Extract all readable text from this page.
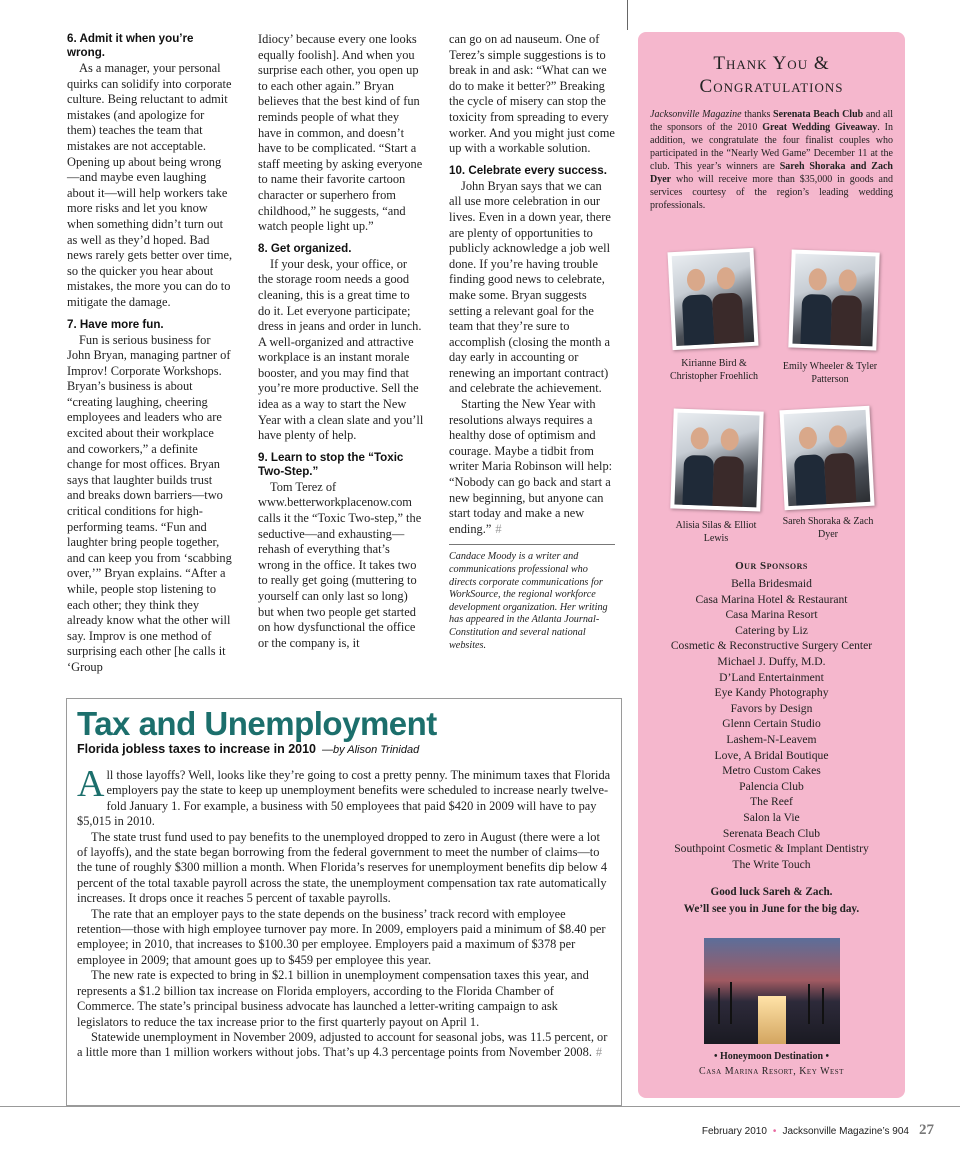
6. Admit it when you’re wrong.

As a manager, your personal quirks can solidify into corporate culture. Being reluctant to admit mistakes (and apologize for them) teaches the team that mistakes are not acceptable. Opening up about being wrong—and maybe even laughing about it—will help workers take more risks and let you know when something didn’t turn out as well as they’d hoped. Bad news rarely gets better over time, so the quicker you hear about mistakes, the more you can do to mitigate the damage.

7. Have more fun.

Fun is serious business for John Bryan, managing partner of Improv! Corporate Workshops. Bryan’s business is about “creating laughing, cheering employees and leaders who are excited about their workplace and coworkers,” a definite change for most offices. Bryan says that laughter builds trust and breaks down barriers—two critical conditions for high-performing teams. “Fun and laughter bring people together, and can keep you from ‘scabbing over,’” Bryan explains. “After a while, people stop listening to each other; they think they already know what the other will say. Improv is one method of surprising each other [he calls it ‘Group

Idiocy’ because every one looks equally foolish]. And when you surprise each other, you open up to each other again.” Bryan believes that the best kind of fun reminds people of what they have in common, and doesn’t have to be complicated. “Start a staff meeting by asking everyone to name their favorite cartoon character or superhero from childhood,” he suggests, “and watch people light up.”

8. Get organized.

If your desk, your office, or the storage room needs a good cleaning, this is a great time to do it. Let everyone participate; dress in jeans and order in lunch. A well-organized and attractive workplace is an instant morale booster, and you may find that you’re more productive. Sell the idea as a way to start the New Year with a clean slate and you’ll have plenty of help.

9. Learn to stop the “Toxic Two-Step.”

Tom Terez of www.betterworkplacenow.com calls it the “Toxic Two-step,” the seductive—and exhausting—rehash of everything that’s wrong in the office. It takes two to really get going (muttering to yourself can only last so long) but when two people get started on how dysfunctional the office or the company is, it

can go on ad nauseum. One of Terez’s simple suggestions is to break in and ask: “What can we do to make it better?” Breaking the cycle of misery can stop the toxicity from spreading to every worker. And you might just come up with a workable solution.

10. Celebrate every success.

John Bryan says that we can all use more celebration in our lives. Even in a down year, there are plenty of opportunities to publicly acknowledge a job well done. If you’re having trouble finding good news to celebrate, make some. Bryan suggests setting a relevant goal for the team that they’re sure to accomplish (closing the month a day early in accounting or renewing an important contract) and celebrate the achievement.

Starting the New Year with resolutions always requires a healthy dose of optimism and courage. Maybe a tidbit from writer Maria Robinson will help: “Nobody can go back and start a new beginning, but anyone can start today and make a new ending.” #

Candace Moody is a writer and communications professional who directs corporate communications for WorkSource, the regional workforce development organization. Her writing has appeared in the Atlanta Journal-Constitution and several national websites.

Tax and Unemployment
Florida jobless taxes to increase in 2010 —by Alison Trinidad

All those layoffs? Well, looks like they’re going to cost a pretty penny. The minimum taxes that Florida employers pay the state to keep up unemployment benefits were scheduled to increase nearly twelve-fold January 1. For example, a business with 50 employees that paid $420 in 2009 will have to pay $5,015 in 2010.

The state trust fund used to pay benefits to the unemployed dropped to zero in August (there were a lot of layoffs), and the state began borrowing from the federal government to meet the number of claims—to the tune of roughly $300 million a month. When Florida’s reserves for unemployment benefits dip below 4 percent of the total taxable payroll across the state, the unemployment compensation tax rate automatically increases. It drops once it reaches 5 percent of taxable payrolls.

The rate that an employer pays to the state depends on the business’ track record with employee retention—those with high employee turnover pay more. In 2009, employers paid a minimum of $8.40 per employee; in 2010, that increases to $100.30 per employee. Employers paid a maximum of $378 per employee in 2009; that amount goes up to $459 per employee this year.

The new rate is expected to bring in $2.1 billion in unemployment compensation taxes this year, and represents a $1.2 billion tax increase on Florida employers, according to the Florida Chamber of Commerce. The state’s principal business advocate has launched a letter-writing campaign to ask legislators to reduce the tax increase prior to the first quarterly payout on April 1.

Statewide unemployment in November 2009, adjusted to account for seasonal jobs, was 11.5 percent, or a little more than 1 million workers without jobs. That’s up 4.3 percentage points from November 2008. #

Thank You &
Congratulations

Jacksonville Magazine thanks Serenata Beach Club and all the sponsors of the 2010 Great Wedding Giveaway. In addition, we congratulate the four finalist couples who participated in the “Nearly Wed Game” December 11 at the club. This year’s winners are Sareh Shoraka and Zach Dyer who will receive more than $35,000 in goods and services courtesy of the region’s leading wedding professionals.

Kirianne Bird & Christopher Froehlich
Emily Wheeler & Tyler Patterson
Alisia Silas & Elliot Lewis
Sareh Shoraka & Zach Dyer
Our Sponsors
Bella Bridesmaid
Casa Marina Hotel & Restaurant
Casa Marina Resort
Catering by Liz
Cosmetic & Reconstructive Surgery Center
Michael J. Duffy, M.D.
D’Land Entertainment
Eye Kandy Photography
Favors by Design
Glenn Certain Studio
Lashem-N-Leavem
Love, A Bridal Boutique
Metro Custom Cakes
Palencia Club
The Reef
Salon la Vie
Serenata Beach Club
Southpoint Cosmetic & Implant Dentistry
The Write Touch
Good luck Sareh & Zach.
We’ll see you in June for the big day.
• Honeymoon Destination •
Casa Marina Resort, Key West
February 2010 • Jacksonville Magazine’s 904 27
